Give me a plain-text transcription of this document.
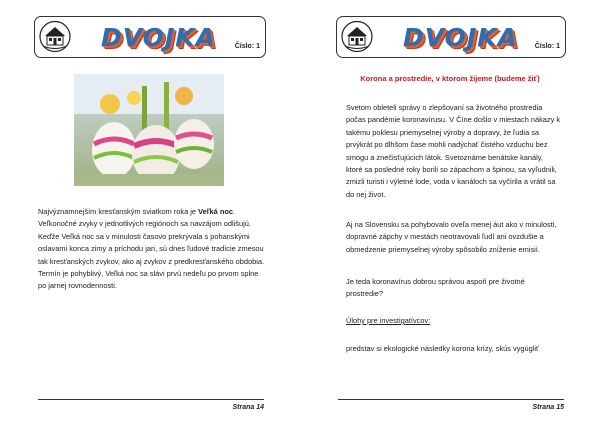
DVOJKA	Číslo: 1
Najvýznamnejším kresťanským sviatkom roka je Veľká noc. Veľkonočné zvyky v jednotlivých regiónoch sa navzájom odlišujú. Keďže Veľká noc sa v minulosti časovo prekrývala s pohanskými oslavami konca zimy a príchodu jari, sú dnes ľudové tradície zmesou tak kresťanských zvykov, ako aj zvykov z predkresťanského obdobia. Termín je pohyblivý, Veľká noc sa slávi prvú nedeľu po prvom splne po jarnej rovnodennosti.
Strana 14
DVOJKA Číslo: 1
Korona a prostredie, v ktorom žijeme (budeme žiť)
Svetom obleteli správy o zlepšovaní sa životného prostredia počas pandémie koronavírusu. V Číne došlo v miestach nákazy k takému poklesu priemyselnej výroby a dopravy, že ľudia sa prvýkrát po dlhšom čase mohli nadýchať čistého vzduchu bez smogu a znečisťujúcich látok. Svetoznáme benátske kanály, ktoré sa posledné roky borili so zápachom a špinou, sa vyľudnili, zmizli turisti i výletné lode, voda v kanáloch sa vyčírila a vrátil sa do nej život.
Aj na Slovensku sa pohybovalo oveľa menej áut ako v minulosti, dopravné zápchy v mestách neotravovali ľudí ani ovzdušie a obmedzenie priemyselnej výroby spôsobilo zníženie emisií.
Je teda koronavírus dobrou správou aspoň pre životné prostredie?
Úlohy pre investigatívcov:
predstav si ekologické následky korona krízy, skús vygúgliť
Strana 15
